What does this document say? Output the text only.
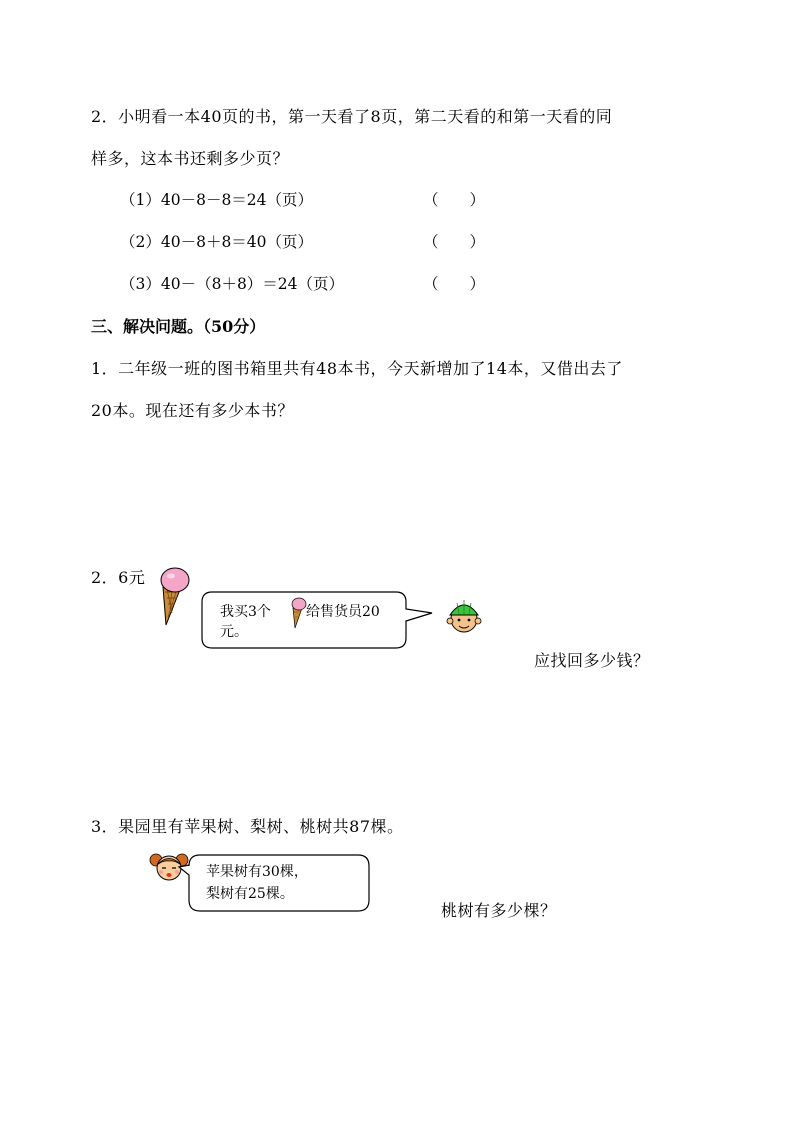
2．小明看一本40页的书，第一天看了8页，第二天看的和第一天看的同
样多，这本书还剩多少页？
（1）40－8－8＝24（页）	（　　）
（2）40－8＋8＝40（页）	（　　）
（3）40－（8＋8）＝24（页）	（　　）
三、解决问题。（50分）
1．二年级一班的图书箱里共有48本书，今天新增加了14本，又借出去了
20本。现在还有多少本书？
2．6元
我买3个	给售货员20
元。
应找回多少钱？
3．果园里有苹果树、梨树、桃树共87棵。
苹果树有30棵，
梨树有25棵。
桃树有多少棵？
